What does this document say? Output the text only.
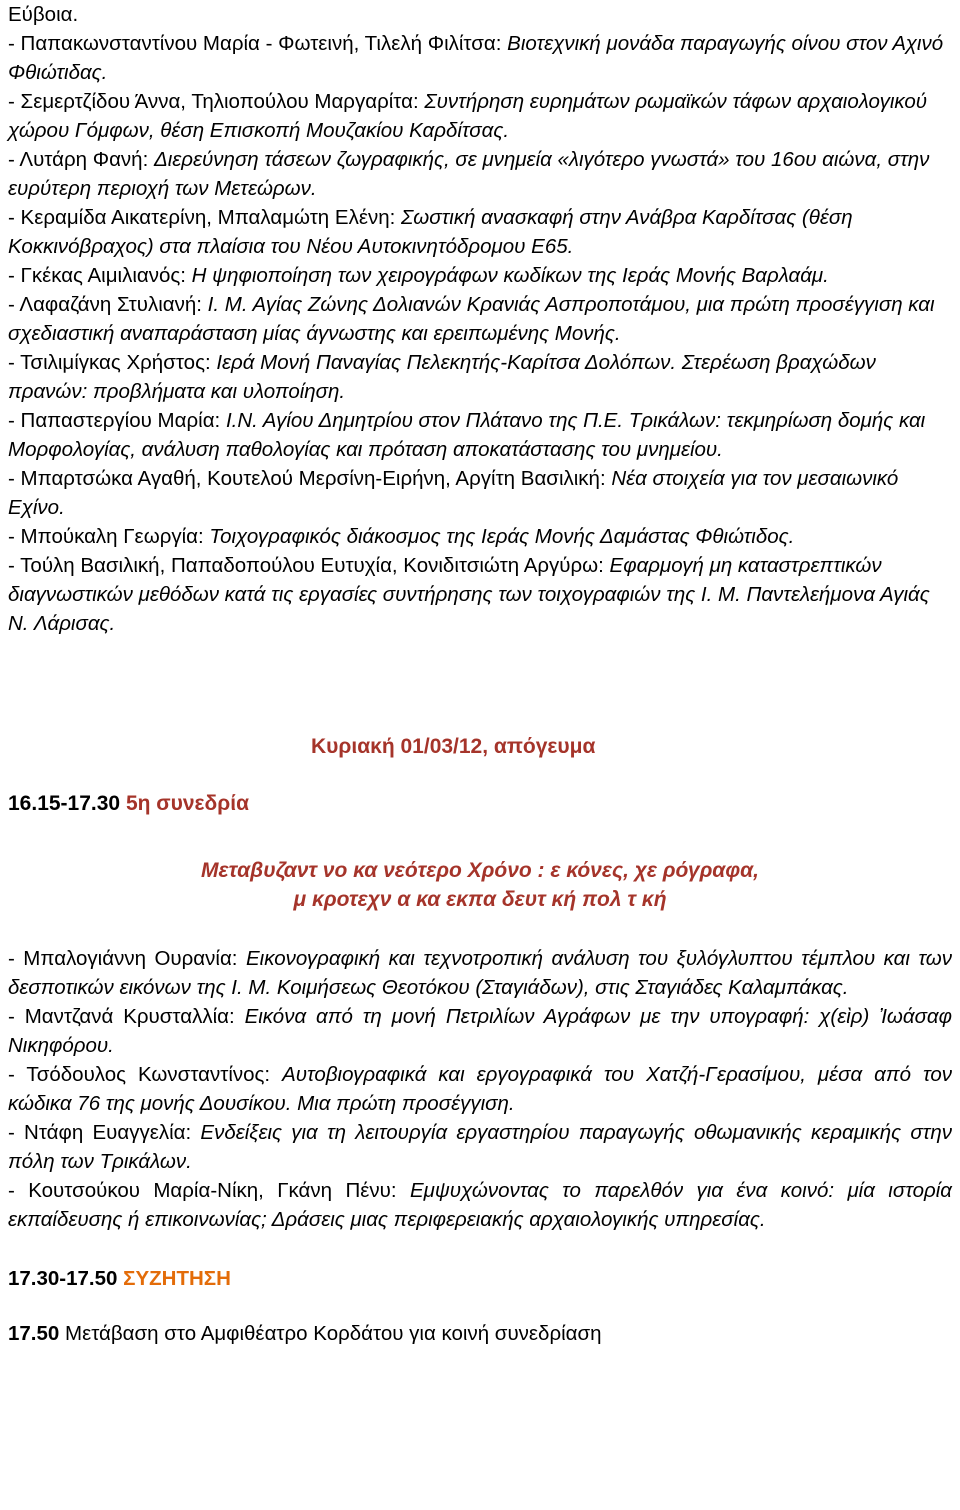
Εύβοια.

- Παπακωνσταντίνου Μαρία - Φωτεινή, Τιλελή Φιλίτσα: Βιοτεχνική μονάδα παραγωγής οίνου στον Αχινό Φθιώτιδας.

- Σεμερτζίδου Άννα, Τηλιοπούλου Μαργαρίτα: Συντήρηση ευρημάτων ρωμαϊκών τάφων αρχαιολογικού χώρου Γόμφων, θέση Επισκοπή Μουζακίου Καρδίτσας.

- Λυτάρη Φανή: Διερεύνηση τάσεων ζωγραφικής, σε μνημεία «λιγότερο γνωστά» του 16ου αιώνα, στην ευρύτερη περιοχή των Μετεώρων.

- Κεραμίδα Αικατερίνη, Μπαλαμώτη Ελένη: Σωστική ανασκαφή στην Ανάβρα Καρδίτσας (θέση Κοκκινόβραχος) στα πλαίσια του Νέου Αυτοκινητόδρομου Ε65.

- Γκέκας Αιμιλιανός: Η ψηφιοποίηση των χειρογράφων κωδίκων της Ιεράς Μονής Βαρλαάμ.

- Λαφαζάνη Στυλιανή: Ι. Μ. Αγίας Ζώνης Δολιανών Κρανιάς Ασπροποτάμου, μια πρώτη προσέγγιση και σχεδιαστική αναπαράσταση μίας άγνωστης και ερειπωμένης Μονής.

- Τσιλιμίγκας Χρήστος: Ιερά Μονή Παναγίας Πελεκητής-Καρίτσα Δολόπων. Στερέωση βραχώδων πρανών: προβλήματα και υλοποίηση.

- Παπαστεργίου Μαρία: Ι.Ν. Αγίου Δημητρίου στον Πλάτανο της Π.Ε. Τρικάλων: τεκμηρίωση δομής και Μορφολογίας, ανάλυση παθολογίας και πρόταση αποκατάστασης του μνημείου.

- Μπαρτσώκα Αγαθή, Κουτελού Μερσίνη-Ειρήνη, Αργίτη Βασιλική: Νέα στοιχεία για τον μεσαιωνικό Εχίνο.

- Μπούκαλη Γεωργία: Τοιχογραφικός διάκοσμος της Ιεράς Μονής Δαμάστας Φθιώτιδος.

- Τούλη Βασιλική, Παπαδοπούλου Ευτυχία, Κονιδιτσιώτη Αργύρω: Εφαρμογή μη καταστρεπτικών διαγνωστικών μεθόδων κατά τις εργασίες συντήρησης των τοιχογραφιών της Ι. Μ. Παντελεήμονα Αγιάς Ν. Λάρισας.

Κυριακή 01/03/12, απόγευμα
16.15-17.30 5η συνεδρία
Μεταβυζαντ νο κα νεότερο Χρόνο : ε κόνες, χε ρόγραφα,
μ κροτεχν α κα εκπα δευτ κή πολ τ κή

- Μπαλογιάννη Ουρανία: Εικονογραφική και τεχνοτροπική ανάλυση του ξυλόγλυπτου τέμπλου και των δεσποτικών εικόνων της Ι. Μ. Κοιμήσεως Θεοτόκου (Σταγιάδων), στις Σταγιάδες Καλαμπάκας.

- Μαντζανά Κρυσταλλία: Εικόνα από τη μονή Πετριλίων Αγράφων με την υπογραφή: χ(εὶρ) Ἰωάσαφ Νικηφόρου.

- Τσόδουλος Κωνσταντίνος: Αυτοβιογραφικά και εργογραφικά του Χατζή-Γερασίμου, μέσα από τον κώδικα 76 της μονής Δουσίκου. Μια πρώτη προσέγγιση.

- Ντάφη Ευαγγελία: Ενδείξεις για τη λειτουργία εργαστηρίου παραγωγής οθωμανικής κεραμικής στην πόλη των Τρικάλων.

- Κουτσούκου Μαρία-Νίκη, Γκάνη Πένυ: Εμψυχώνοντας το παρελθόν για ένα κοινό: μία ιστορία εκπαίδευσης ή επικοινωνίας; Δράσεις μιας περιφερειακής αρχαιολογικής υπηρεσίας.

17.30-17.50 ΣΥΖΗΤΗΣΗ
17.50 Μετάβαση στο Αμφιθέατρο Κορδάτου για κοινή συνεδρίαση
